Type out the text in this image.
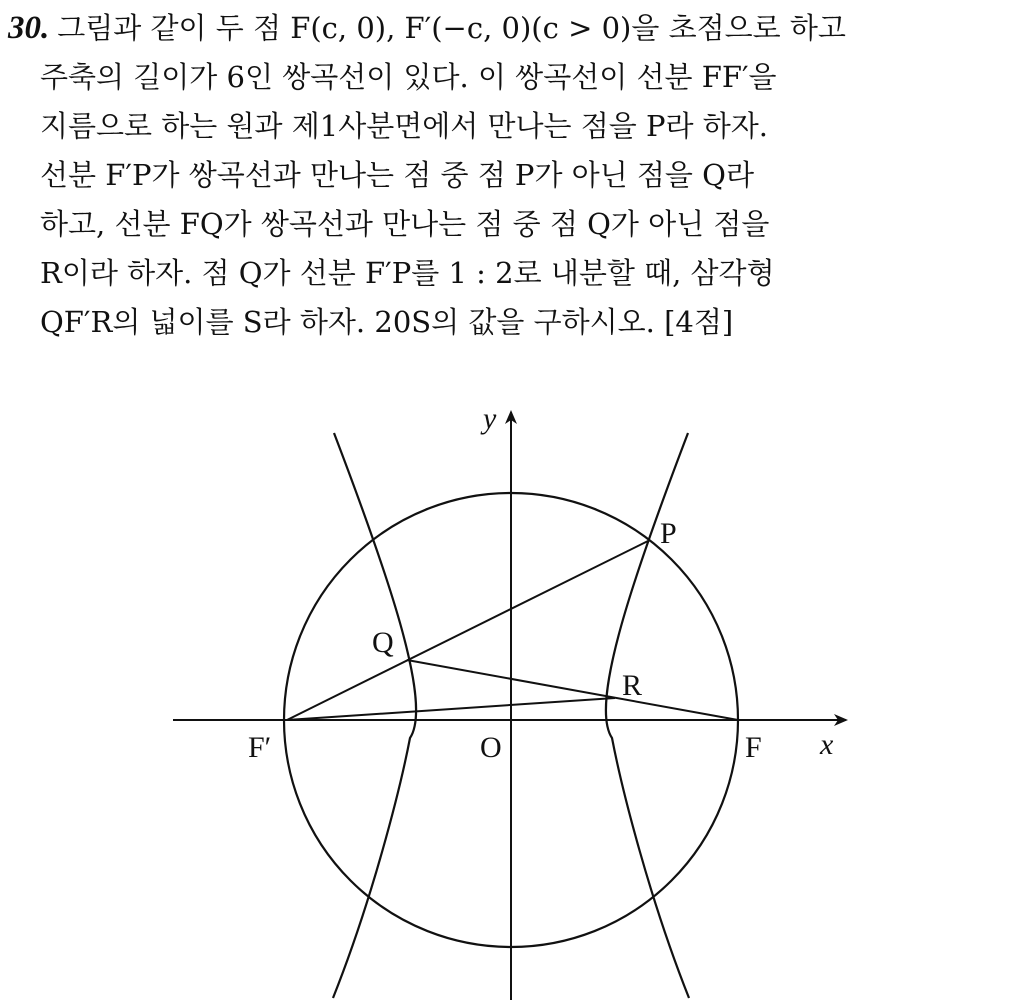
30. 그림과 같이 두 점 F(c, 0), F′(−c, 0)(c > 0)을 초점으로 하고
주축의 길이가 6인 쌍곡선이 있다. 이 쌍곡선이 선분 FF′을
지름으로 하는 원과 제1사분면에서 만나는 점을 P라 하자.
선분 F′P가 쌍곡선과 만나는 점 중 점 P가 아닌 점을 Q라
하고, 선분 FQ가 쌍곡선과 만나는 점 중 점 Q가 아닌 점을
R이라 하자. 점 Q가 선분 F′P를 1 : 2로 내분할 때, 삼각형
QF′R의 넓이를 S라 하자. 20S의 값을 구하시오. [4점]
y
x
O	F
F′
P
Q
R
